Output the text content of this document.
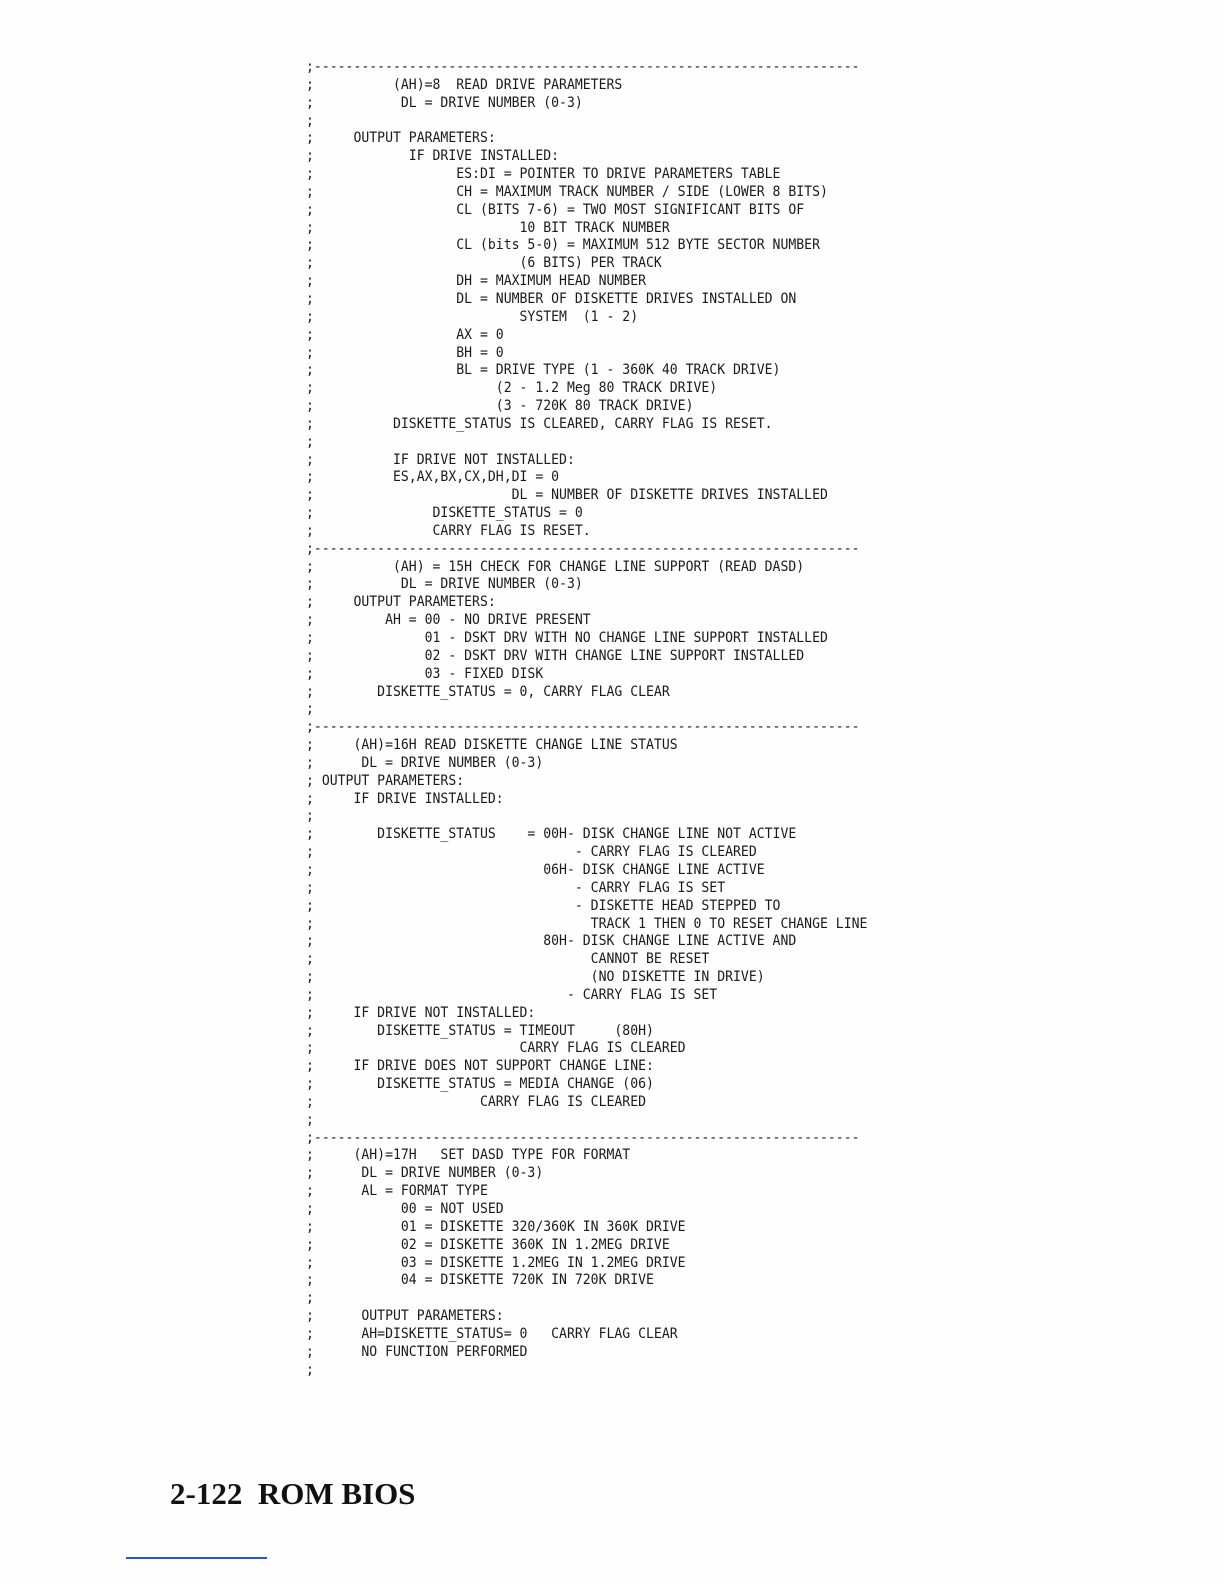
;---------------------------------------------------------------------
;          (AH)=8  READ DRIVE PARAMETERS
;           DL = DRIVE NUMBER (0-3)
;
;     OUTPUT PARAMETERS:
;            IF DRIVE INSTALLED:
;                  ES:DI = POINTER TO DRIVE PARAMETERS TABLE
;                  CH = MAXIMUM TRACK NUMBER / SIDE (LOWER 8 BITS)
;                  CL (BITS 7-6) = TWO MOST SIGNIFICANT BITS OF
;                          10 BIT TRACK NUMBER
;                  CL (bits 5-0) = MAXIMUM 512 BYTE SECTOR NUMBER
;                          (6 BITS) PER TRACK
;                  DH = MAXIMUM HEAD NUMBER
;                  DL = NUMBER OF DISKETTE DRIVES INSTALLED ON
;                          SYSTEM  (1 - 2)
;                  AX = 0
;                  BH = 0
;                  BL = DRIVE TYPE (1 - 360K 40 TRACK DRIVE)
;                       (2 - 1.2 Meg 80 TRACK DRIVE)
;                       (3 - 720K 80 TRACK DRIVE)
;          DISKETTE_STATUS IS CLEARED, CARRY FLAG IS RESET.
;
;          IF DRIVE NOT INSTALLED:
;          ES,AX,BX,CX,DH,DI = 0
;                         DL = NUMBER OF DISKETTE DRIVES INSTALLED
;               DISKETTE_STATUS = 0
;               CARRY FLAG IS RESET.
;---------------------------------------------------------------------
;          (AH) = 15H CHECK FOR CHANGE LINE SUPPORT (READ DASD)
;           DL = DRIVE NUMBER (0-3)
;     OUTPUT PARAMETERS:
;         AH = 00 - NO DRIVE PRESENT
;              01 - DSKT DRV WITH NO CHANGE LINE SUPPORT INSTALLED
;              02 - DSKT DRV WITH CHANGE LINE SUPPORT INSTALLED
;              03 - FIXED DISK
;        DISKETTE_STATUS = 0, CARRY FLAG CLEAR
;
;---------------------------------------------------------------------
;     (AH)=16H READ DISKETTE CHANGE LINE STATUS
;      DL = DRIVE NUMBER (0-3)
; OUTPUT PARAMETERS:
;     IF DRIVE INSTALLED:
;
;        DISKETTE_STATUS    = 00H- DISK CHANGE LINE NOT ACTIVE
;                                 - CARRY FLAG IS CLEARED
;                             06H- DISK CHANGE LINE ACTIVE
;                                 - CARRY FLAG IS SET
;                                 - DISKETTE HEAD STEPPED TO
;                                   TRACK 1 THEN 0 TO RESET CHANGE LINE
;                             80H- DISK CHANGE LINE ACTIVE AND
;                                   CANNOT BE RESET
;                                   (NO DISKETTE IN DRIVE)
;                                - CARRY FLAG IS SET
;     IF DRIVE NOT INSTALLED:
;        DISKETTE_STATUS = TIMEOUT     (80H)
;                          CARRY FLAG IS CLEARED
;     IF DRIVE DOES NOT SUPPORT CHANGE LINE:
;        DISKETTE_STATUS = MEDIA CHANGE (06)
;                     CARRY FLAG IS CLEARED
;
;---------------------------------------------------------------------
;     (AH)=17H   SET DASD TYPE FOR FORMAT
;      DL = DRIVE NUMBER (0-3)
;      AL = FORMAT TYPE
;           00 = NOT USED
;           01 = DISKETTE 320/360K IN 360K DRIVE
;           02 = DISKETTE 360K IN 1.2MEG DRIVE
;           03 = DISKETTE 1.2MEG IN 1.2MEG DRIVE
;           04 = DISKETTE 720K IN 720K DRIVE
;
;      OUTPUT PARAMETERS:
;      AH=DISKETTE_STATUS= 0   CARRY FLAG CLEAR
;      NO FUNCTION PERFORMED
;
2-122  ROM BIOS
